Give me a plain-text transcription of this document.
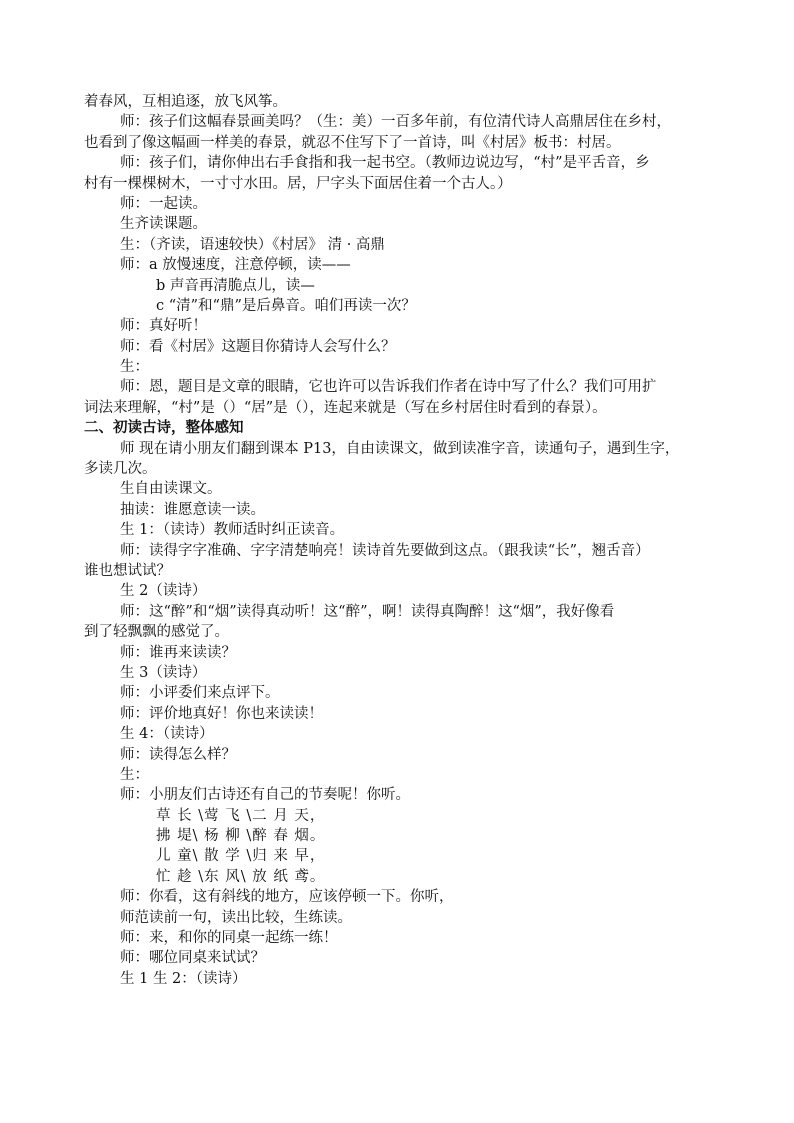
着春风，互相追逐，放飞风筝。
师：孩子们这幅春景画美吗？（生：美）一百多年前，有位清代诗人高鼎居住在乡村，
也看到了像这幅画一样美的春景，就忍不住写下了一首诗，叫《村居》板书：村居。
师：孩子们，请你伸出右手食指和我一起书空。（教师边说边写，“村”是平舌音，乡
村有一棵棵树木，一寸寸水田。居，尸字头下面居住着一个古人。）
师：一起读。
生齐读课题。
生：（齐读，语速较快）《村居》 清 · 高鼎
师：a 放慢速度，注意停顿，读——
b 声音再清脆点儿，读—
c “清”和“鼎”是后鼻音。咱们再读一次？
师：真好听！
师：看《村居》这题目你猜诗人会写什么？
生：
师：恩，题目是文章的眼睛，它也许可以告诉我们作者在诗中写了什么？我们可用扩
词法来理解，“村”是（）“居”是（），连起来就是（写在乡村居住时看到的春景）。
二、初读古诗，整体感知
师 现在请小朋友们翻到课本 P13，自由读课文，做到读准字音，读通句子，遇到生字，
多读几次。
生自由读课文。
抽读：谁愿意读一读。
生 1：（读诗）教师适时纠正读音。
师：读得字字准确、字字清楚响亮！读诗首先要做到这点。（跟我读“长”，翘舌音）
谁也想试试？
生 2（读诗）
师：这“醉”和“烟”读得真动听！这“醉”，啊！读得真陶醉！这“烟”，我好像看
到了轻飘飘的感觉了。
师：谁再来读读？
生 3（读诗）
师：小评委们来点评下。
师：评价地真好！你也来读读！
生 4：（读诗）
师：读得怎么样？
生：
师：小朋友们古诗还有自己的节奏呢！你听。
草 长 \莺 飞 \二 月 天，
拂 堤\ 杨 柳 \醉 春 烟。
儿 童\ 散 学 \归 来 早，
忙 趁 \东 风\ 放 纸 鸢。
师：你看，这有斜线的地方，应该停顿一下。你听，
师范读前一句，读出比较，生练读。
师：来，和你的同桌一起练一练！
师：哪位同桌来试试？
生 1 生 2：（读诗）
